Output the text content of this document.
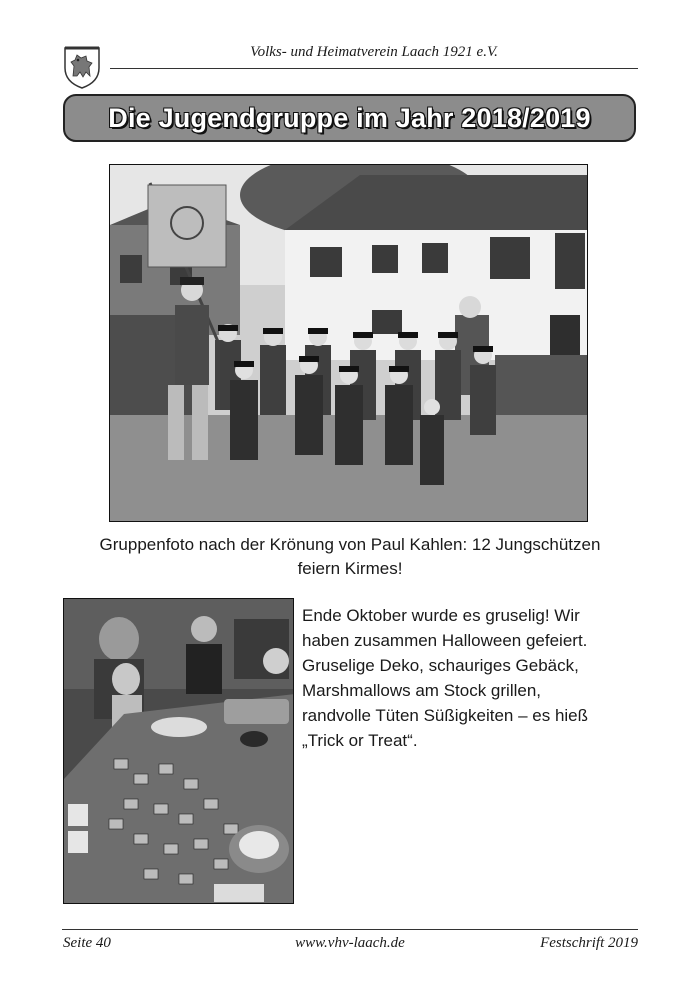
Volks- und Heimatverein Laach 1921 e.V.
Die Jugendgruppe im Jahr 2018/2019
Gruppenfoto nach der Krönung von Paul Kahlen: 12 Jungschützen
feiern Kirmes!
Ende Oktober wurde es gruselig! Wir
haben zusammen Halloween gefeiert.
Gruselige Deko, schauriges Gebäck,
Marshmallows am Stock grillen,
randvolle Tüten Süßigkeiten – es hieß
„Trick or Treat“.
Seite 40	www.vhv-laach.de	Festschrift 2019
